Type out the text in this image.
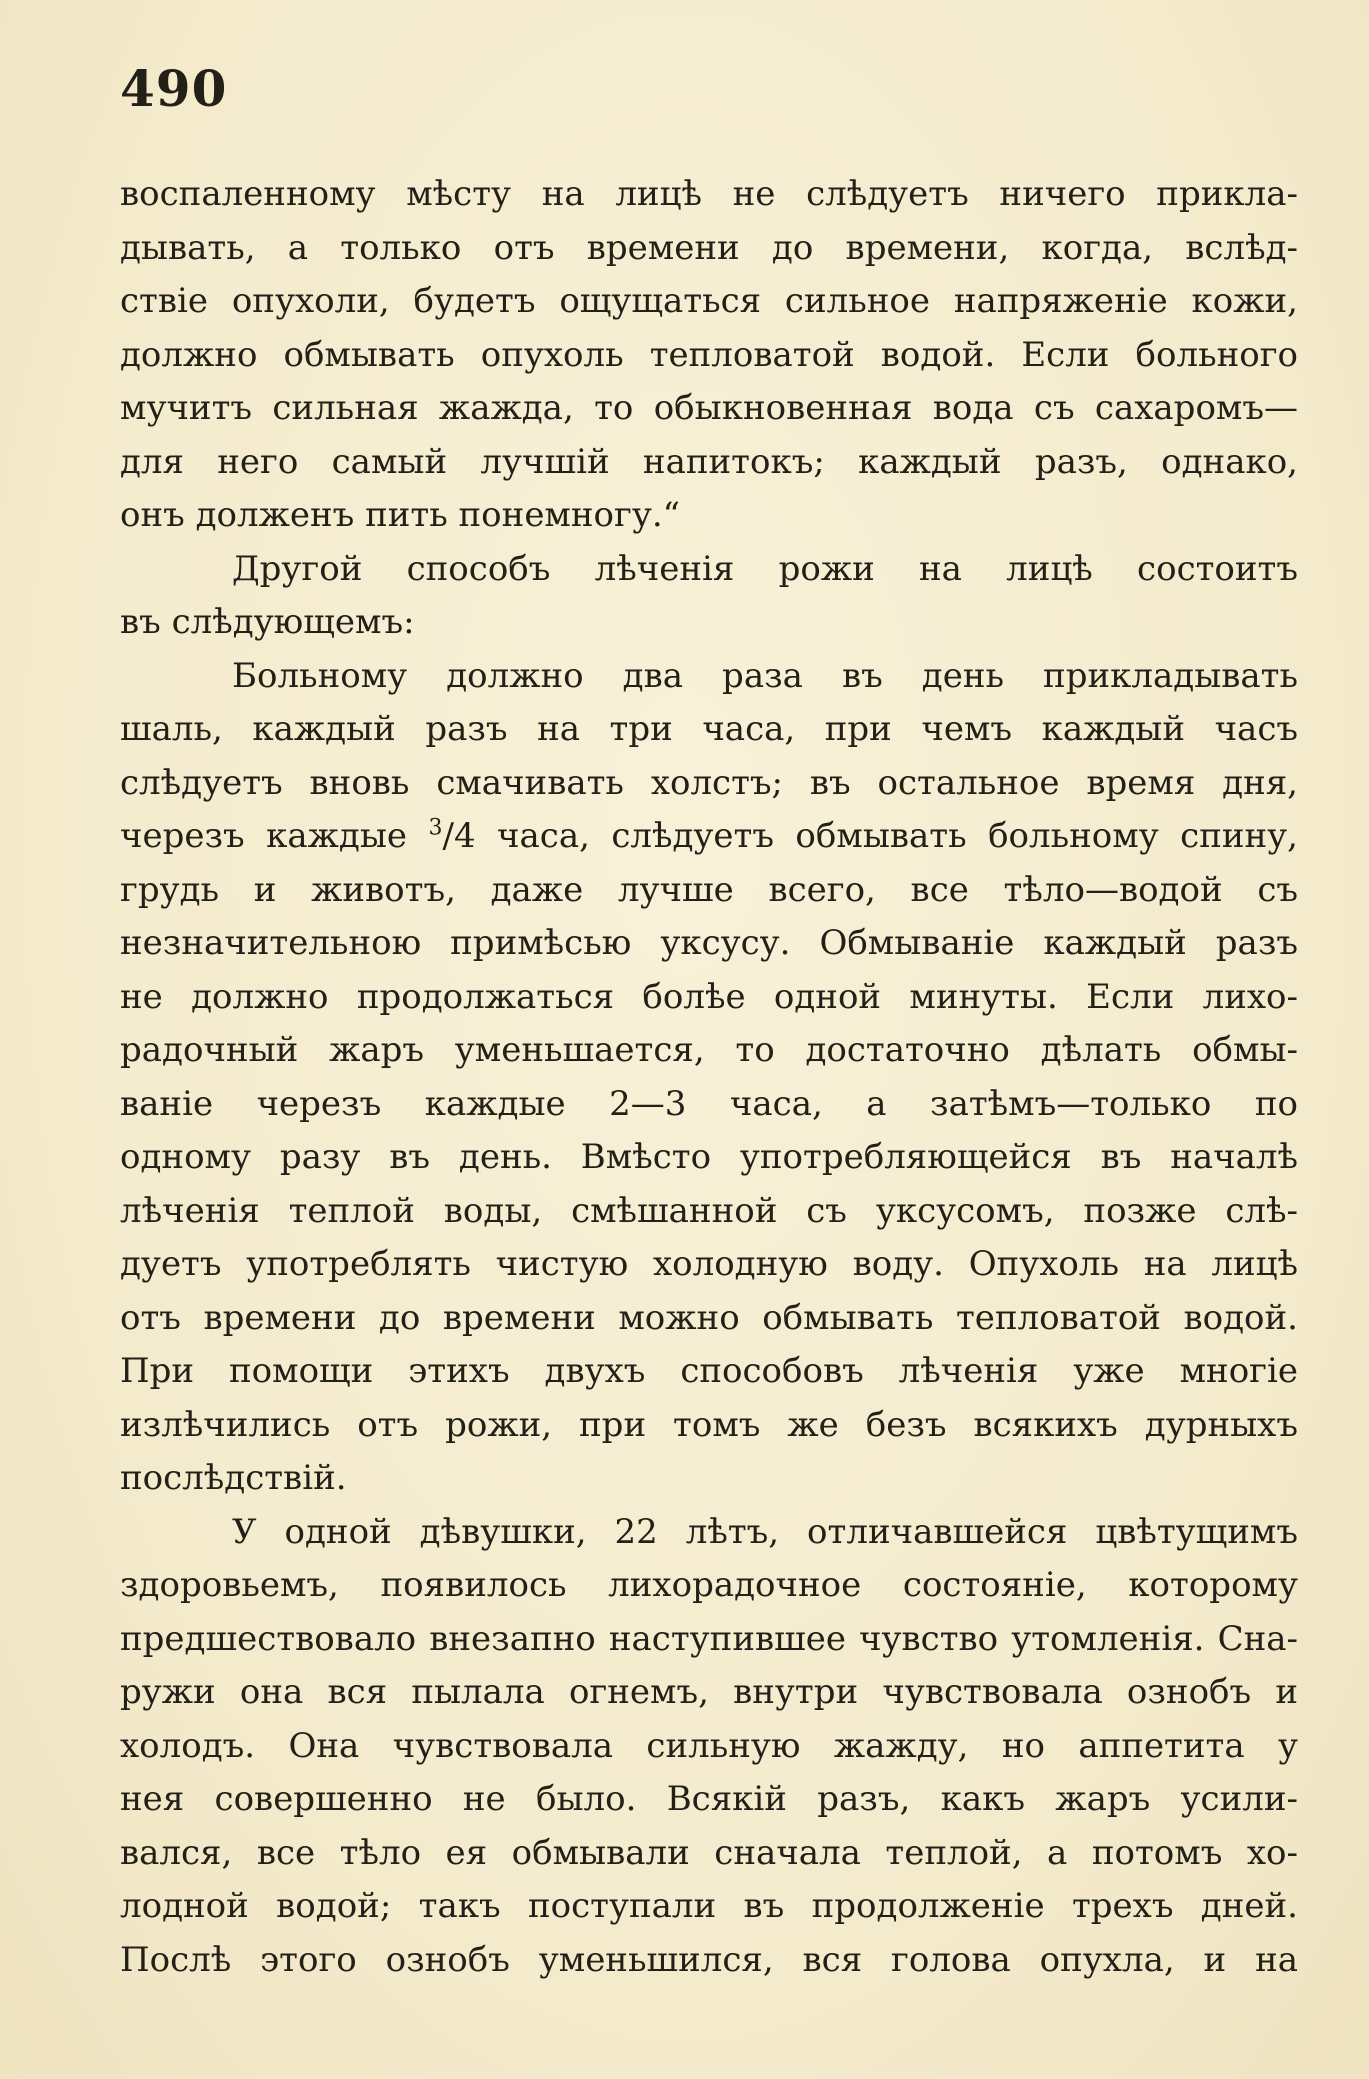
490

воспаленному мѣсту на лицѣ не слѣдуетъ ничего прикла-
дывать, а только отъ времени до времени, когда, вслѣд-
ствіе опухоли, будетъ ощущаться сильное напряженіе кожи,
должно обмывать опухоль тепловатой водой. Если больного
мучитъ сильная жажда, то обыкновенная вода съ сахаромъ—
для него самый лучшій напитокъ; каждый разъ, однако,
онъ долженъ пить понемногу.“
Другой способъ лѣченія рожи на лицѣ состоитъ
въ слѣдующемъ:
Больному должно два раза въ день прикладывать
шаль, каждый разъ на три часа, при чемъ каждый часъ
слѣдуетъ вновь смачивать холстъ; въ остальное время дня,
черезъ каждые $^3$/4 часа, слѣдуетъ обмывать больному спину,
грудь и животъ, даже лучше всего, все тѣло—водой съ
незначительною примѣсью уксусу. Обмываніе каждый разъ
не должно продолжаться болѣе одной минуты. Если лихо-
радочный жаръ уменьшается, то достаточно дѣлать обмы-
ваніе черезъ каждые 2—3 часа, а затѣмъ—только по
одному разу въ день. Вмѣсто употребляющейся въ началѣ
лѣченія теплой воды, смѣшанной съ уксусомъ, позже слѣ-
дуетъ употреблять чистую холодную воду. Опухоль на лицѣ
отъ времени до времени можно обмывать тепловатой водой.
При помощи этихъ двухъ способовъ лѣченія уже многіе
излѣчились отъ рожи, при томъ же безъ всякихъ дурныхъ
послѣдствій.
У одной дѣвушки, 22 лѣтъ, отличавшейся цвѣтущимъ
здоровьемъ, появилось лихорадочное состояніе, которому
предшествовало внезапно наступившее чувство утомленія. Сна-
ружи она вся пылала огнемъ, внутри чувствовала ознобъ и
холодъ. Она чувствовала сильную жажду, но аппетита у
нея совершенно не было. Всякій разъ, какъ жаръ усили-
вался, все тѣло ея обмывали сначала теплой, а потомъ хо-
лодной водой; такъ поступали въ продолженіе трехъ дней.
Послѣ этого ознобъ уменьшился, вся голова опухла, и на
